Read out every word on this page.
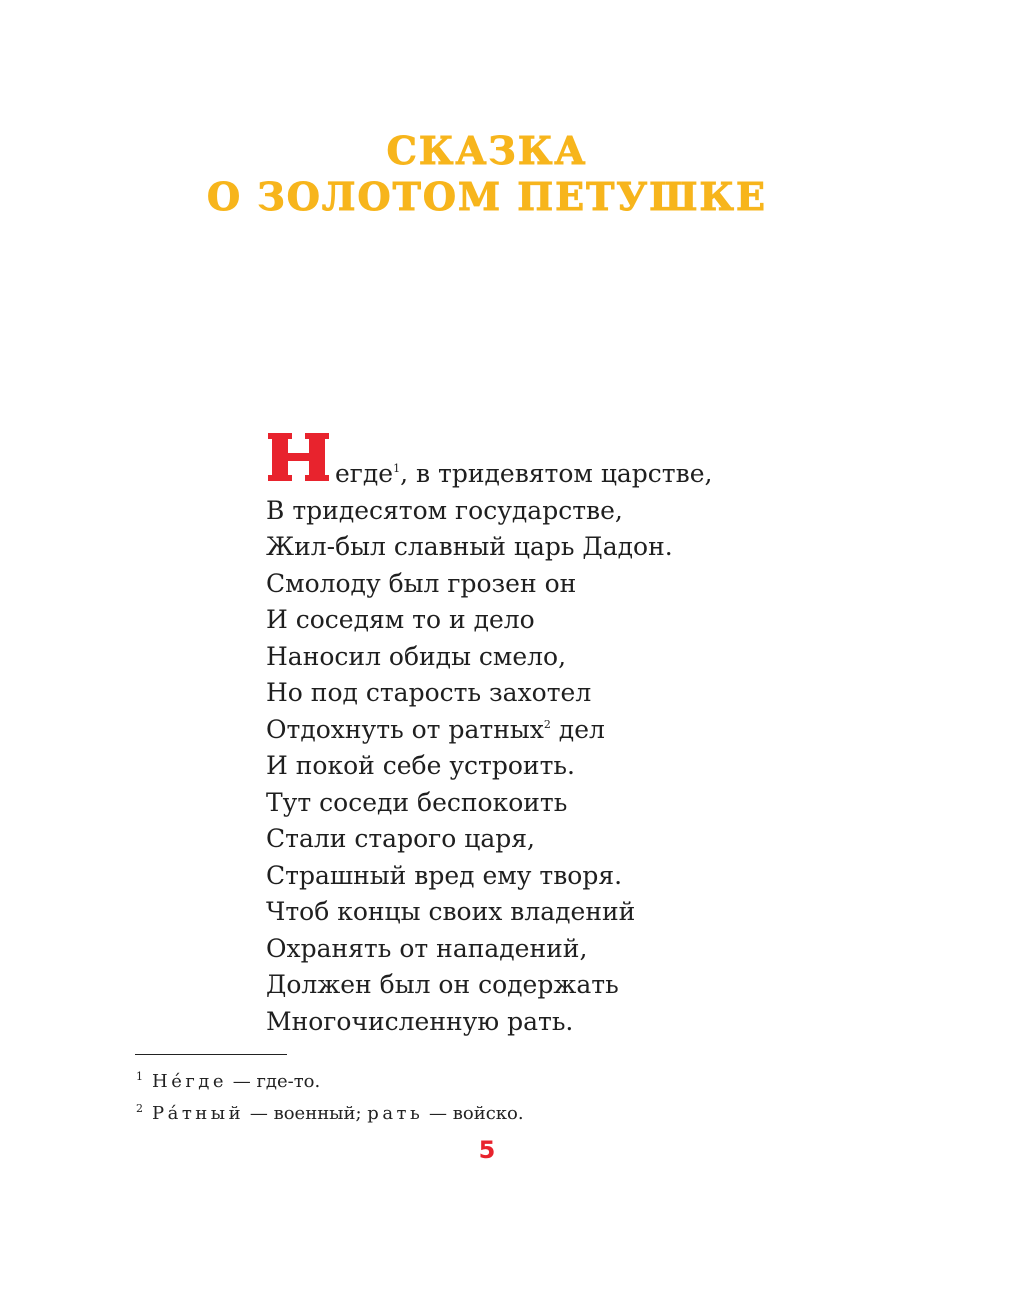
СКАЗКА
О ЗОЛОТОМ ПЕТУШКЕ
егде$^1$, в тридевятом царстве,
В тридесятом государстве,
Жил-был славный царь Дадон.
Смолоду был грозен он
И соседям то и дело
Наносил обиды смело,
Но под старость захотел
Отдохнуть от ратных$^2$ дел
И покой себе устроить.
Тут соседи беспокоить
Стали старого царя,
Страшный вред ему творя.
Чтоб концы своих владений
Охранять от нападений,
Должен был он содержать
Многочисленную рать.
$^1$ Не́где — где-то.
$^2$ Ра́тный — военный; рать — войско.
5
